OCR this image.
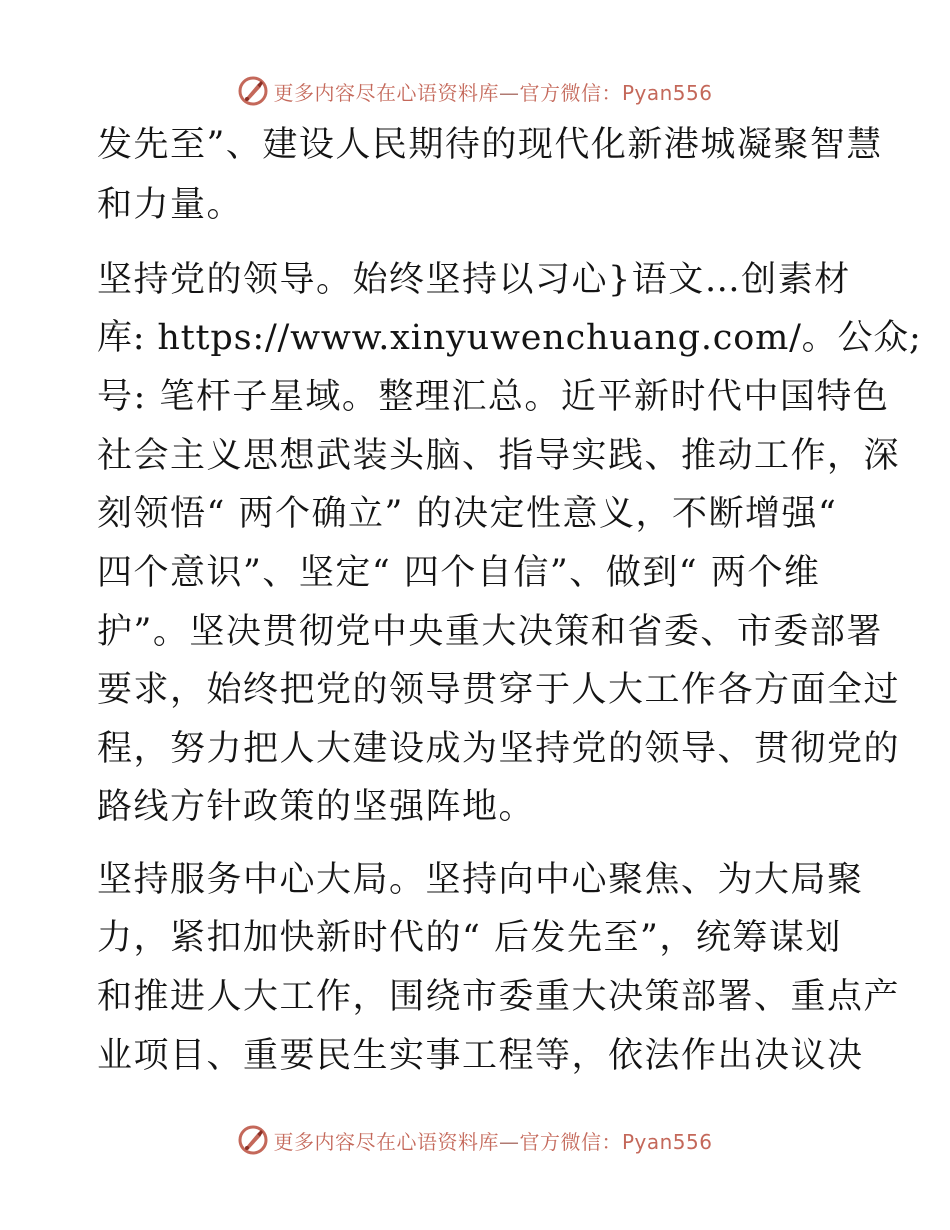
更多内容尽在心语资料库—官方微信：Pyan556
发先至”、建设人民期待的现代化新港城凝聚智慧
和力量。
坚持党的领导。始终坚持以习心}语文…创素材
库: https://www.xinyuwenchuang.com/。公众;
号: 笔杆子星域。整理汇总。近平新时代中国特色
社会主义思想武装头脑、指导实践、推动工作，深
刻领悟“ 两个确立” 的决定性意义，不断增强“
四个意识”、坚定“ 四个自信”、做到“ 两个维
护”。坚决贯彻党中央重大决策和省委、市委部署
要求，始终把党的领导贯穿于人大工作各方面全过
程，努力把人大建设成为坚持党的领导、贯彻党的
路线方针政策的坚强阵地。
坚持服务中心大局。坚持向中心聚焦、为大局聚
力，紧扣加快新时代的“ 后发先至”，统筹谋划
和推进人大工作，围绕市委重大决策部署、重点产
业项目、重要民生实事工程等，依法作出决议决
更多内容尽在心语资料库—官方微信：Pyan556
